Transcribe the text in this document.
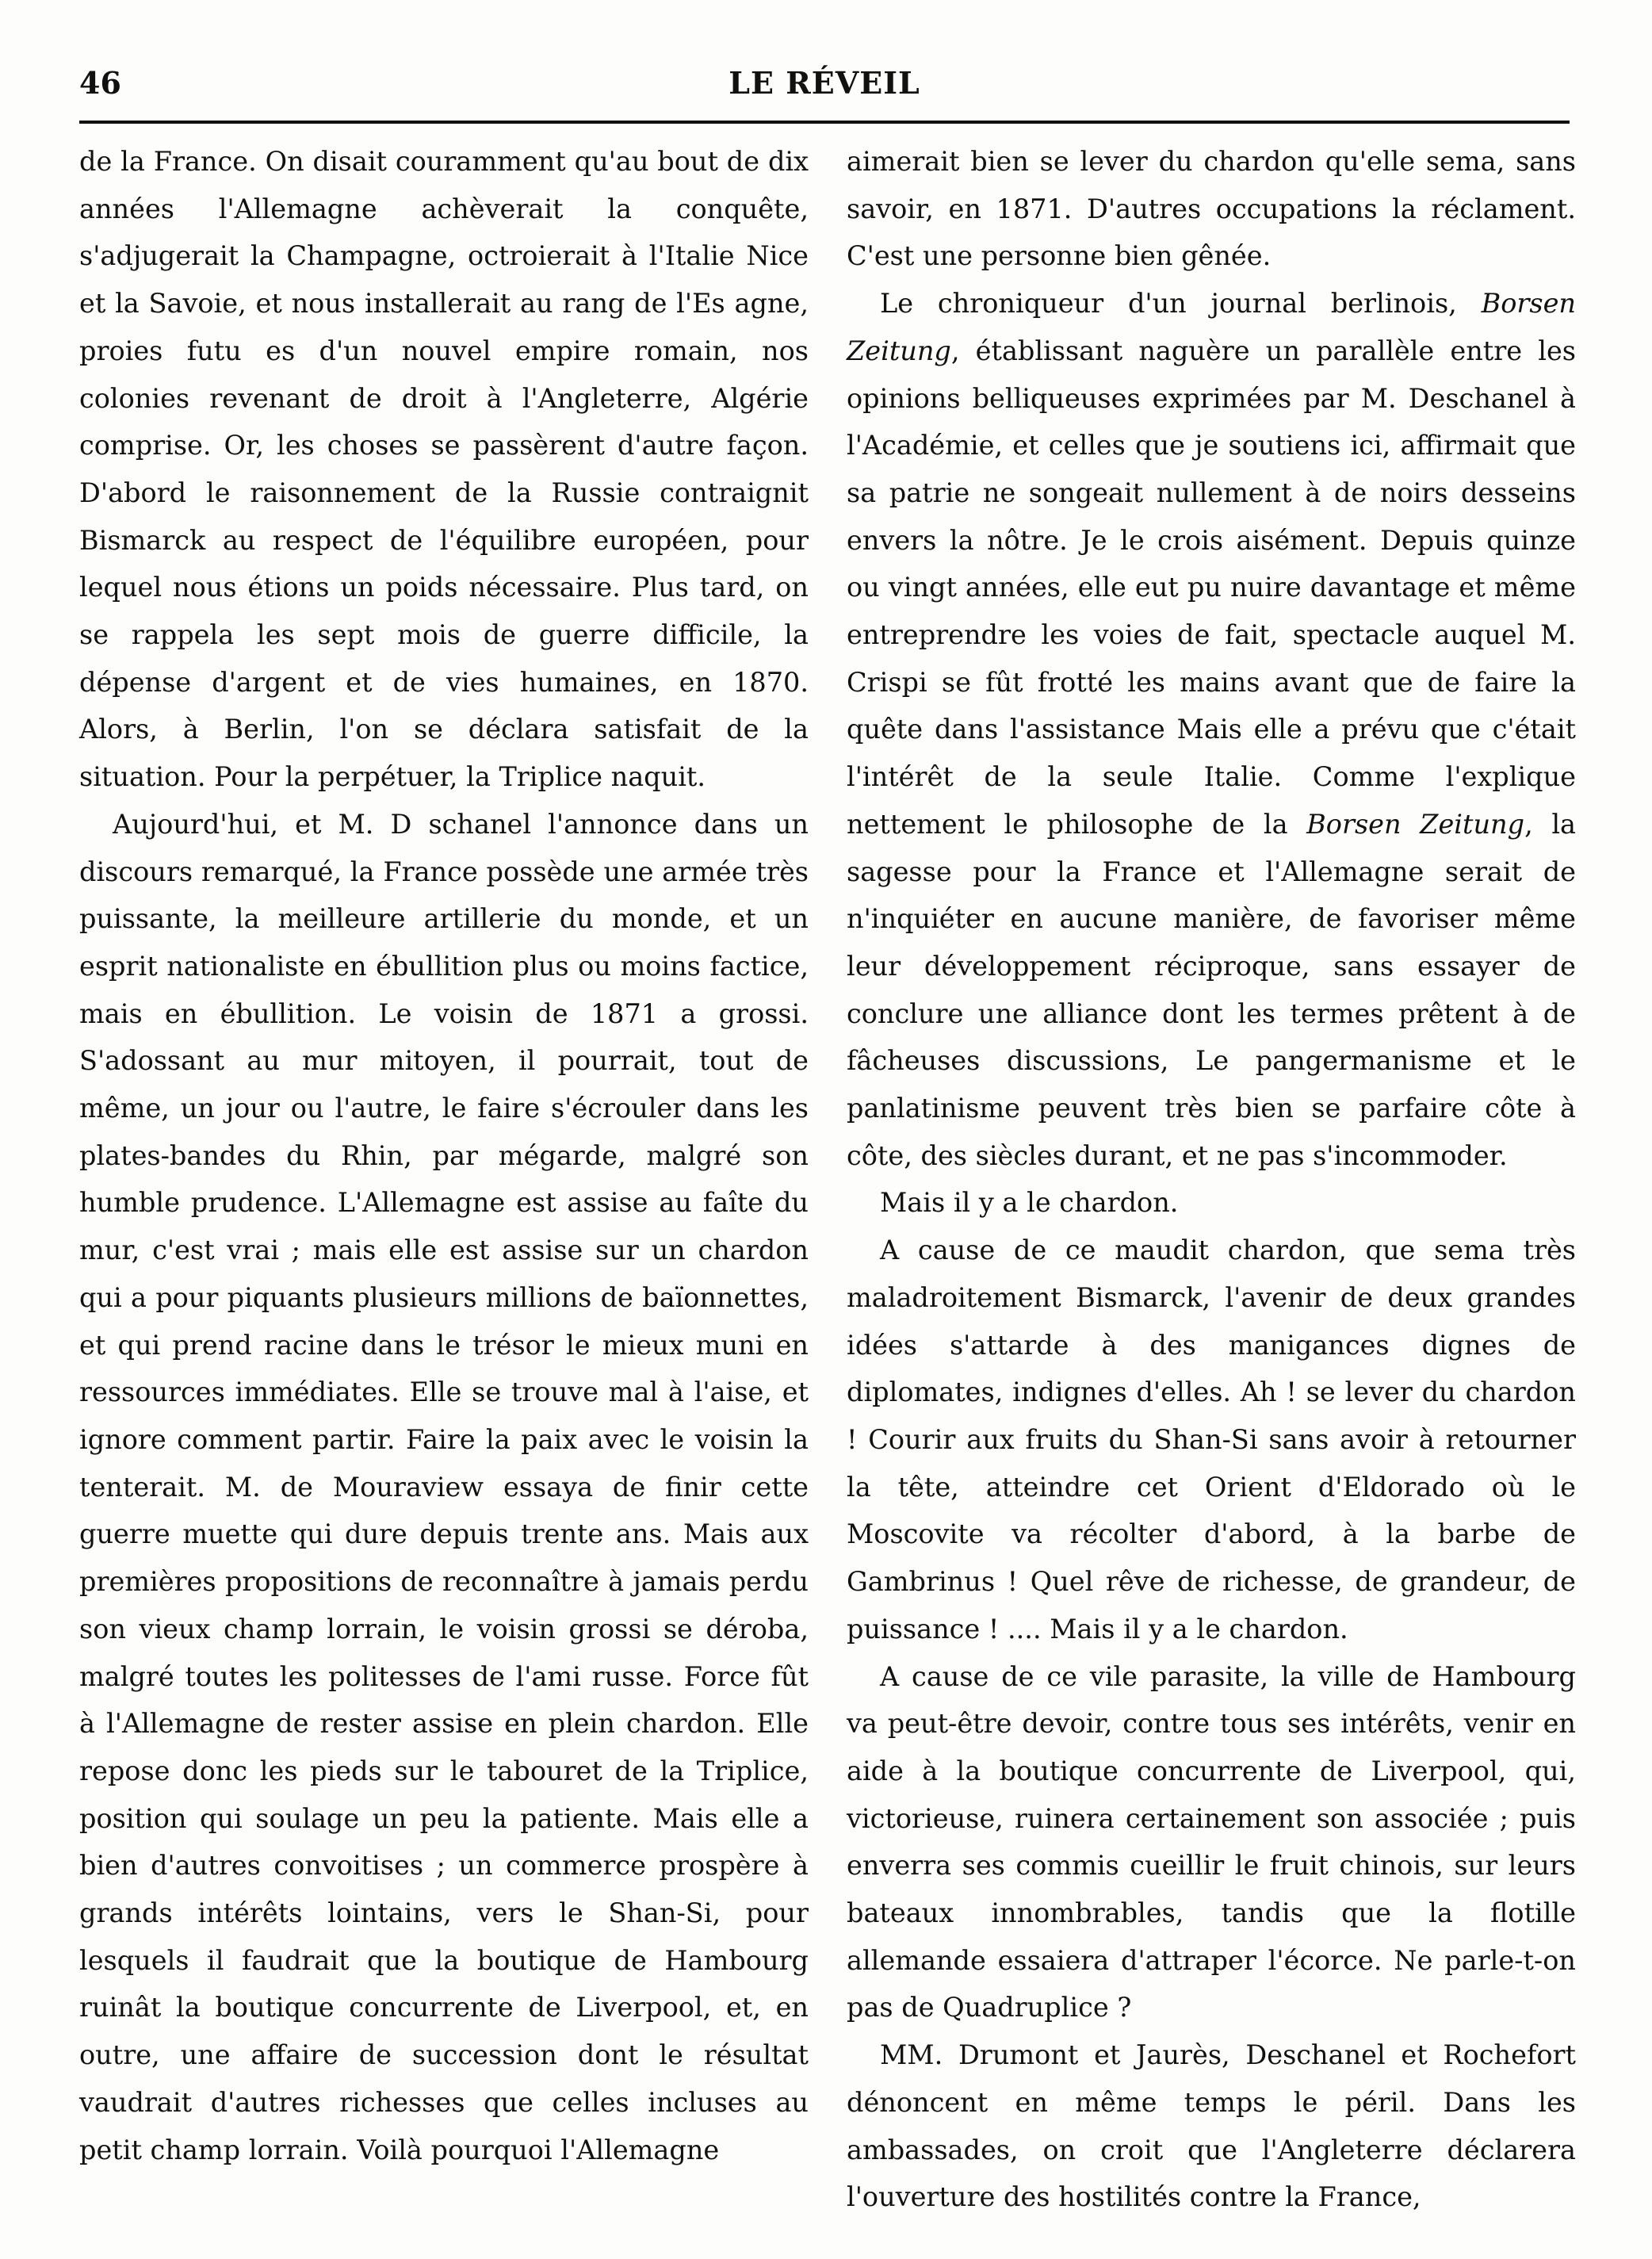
46	LE RÉVEIL

de la France. On disait couramment qu'au bout de dix années l'Allemagne achèverait la conquête, s'adjugerait la Champagne, octroierait à l'Italie Nice et la Savoie, et nous installerait au rang de l'Es agne, proies futu es d'un nouvel empire romain, nos colonies revenant de droit à l'Angleterre, Algérie comprise. Or, les choses se passèrent d'autre façon. D'abord le raisonnement de la Russie contraignit Bismarck au respect de l'équilibre européen, pour lequel nous étions un poids nécessaire. Plus tard, on se rappela les sept mois de guerre difficile, la dépense d'argent et de vies humaines, en 1870. Alors, à Berlin, l'on se déclara satisfait de la situation. Pour la perpétuer, la Triplice naquit.

Aujourd'hui, et M. D schanel l'annonce dans un discours remarqué, la France possède une armée très puissante, la meilleure artillerie du monde, et un esprit nationaliste en ébullition plus ou moins factice, mais en ébullition. Le voisin de 1871 a grossi. S'adossant au mur mitoyen, il pourrait, tout de même, un jour ou l'autre, le faire s'écrouler dans les plates-bandes du Rhin, par mégarde, malgré son humble prudence. L'Allemagne est assise au faîte du mur, c'est vrai ; mais elle est assise sur un chardon qui a pour piquants plusieurs millions de baïonnettes, et qui prend racine dans le trésor le mieux muni en ressources immédiates. Elle se trouve mal à l'aise, et ignore comment partir. Faire la paix avec le voisin la tenterait. M. de Mouraview essaya de finir cette guerre muette qui dure depuis trente ans. Mais aux premières propositions de reconnaître à jamais perdu son vieux champ lorrain, le voisin grossi se déroba, malgré toutes les politesses de l'ami russe. Force fût à l'Allemagne de rester assise en plein chardon. Elle repose donc les pieds sur le tabouret de la Triplice, position qui soulage un peu la patiente. Mais elle a bien d'autres convoitises ; un commerce prospère à grands intérêts lointains, vers le Shan-Si, pour lesquels il faudrait que la boutique de Hambourg ruinât la boutique concurrente de Liverpool, et, en outre, une affaire de succession dont le résultat vaudrait d'autres richesses que celles incluses au petit champ lorrain. Voilà pourquoi l'Allemagne

aimerait bien se lever du chardon qu'elle sema, sans savoir, en 1871. D'autres occupations la réclament. C'est une personne bien gênée.

Le chroniqueur d'un journal berlinois, Borsen Zeitung, établissant naguère un parallèle entre les opinions belliqueuses exprimées par M. Deschanel à l'Académie, et celles que je soutiens ici, affirmait que sa patrie ne songeait nullement à de noirs desseins envers la nôtre. Je le crois aisément. Depuis quinze ou vingt années, elle eut pu nuire davantage et même entreprendre les voies de fait, spectacle auquel M. Crispi se fût frotté les mains avant que de faire la quête dans l'assistance Mais elle a prévu que c'était l'intérêt de la seule Italie. Comme l'explique nettement le philosophe de la Borsen Zeitung, la sagesse pour la France et l'Allemagne serait de n'inquiéter en aucune manière, de favoriser même leur développement réciproque, sans essayer de conclure une alliance dont les termes prêtent à de fâcheuses discussions, Le pangermanisme et le panlatinisme peuvent très bien se parfaire côte à côte, des siècles durant, et ne pas s'incommoder.

Mais il y a le chardon.

A cause de ce maudit chardon, que sema très maladroitement Bismarck, l'avenir de deux grandes idées s'attarde à des manigances dignes de diplomates, indignes d'elles. Ah ! se lever du chardon ! Courir aux fruits du Shan-Si sans avoir à retourner la tête, atteindre cet Orient d'Eldorado où le Moscovite va récolter d'abord, à la barbe de Gambrinus ! Quel rêve de richesse, de grandeur, de puissance ! .... Mais il y a le chardon.

A cause de ce vile parasite, la ville de Hambourg va peut-être devoir, contre tous ses intérêts, venir en aide à la boutique concurrente de Liverpool, qui, victorieuse, ruinera certainement son associée ; puis enverra ses commis cueillir le fruit chinois, sur leurs bateaux innombrables, tandis que la flotille allemande essaiera d'attraper l'écorce. Ne parle-t-on pas de Quadruplice ?

MM. Drumont et Jaurès, Deschanel et Rochefort dénoncent en même temps le péril. Dans les ambassades, on croit que l'Angleterre déclarera l'ouverture des hostilités contre la France,
